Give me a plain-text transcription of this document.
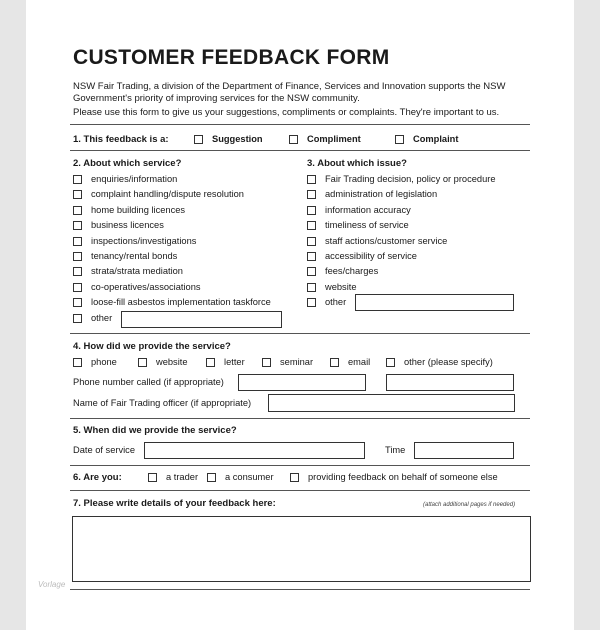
CUSTOMER FEEDBACK FORM
NSW Fair Trading, a division of the Department of Finance, Services and Innovation supports the NSW
Government's priority of improving services for the NSW community.
Please use this form to give us your suggestions, compliments or complaints. They're important to us.
1. This feedback is a:	Suggestion	Compliment	Complaint
2. About which service?
enquiries/information
complaint handling/dispute resolution
home building licences
business licences
inspections/investigations
tenancy/rental bonds
strata/strata mediation
co-operatives/associations
loose-fill asbestos implementation taskforce
other
3. About which issue?
Fair Trading decision, policy or procedure
administration of legislation
information accuracy
timeliness of service
staff actions/customer service
accessibility of service
fees/charges
website
other
4. How did we provide the service?
phone	website	letter	seminar	email	other (please specify)
Phone number called (if appropriate)
Name of Fair Trading officer (if appropriate)
5. When did we provide the service?
Date of service	Time
6. Are you:	a trader	a consumer	providing feedback on behalf of someone else
7. Please write details of your feedback here:	(attach additional pages if needed)
Vorlage
